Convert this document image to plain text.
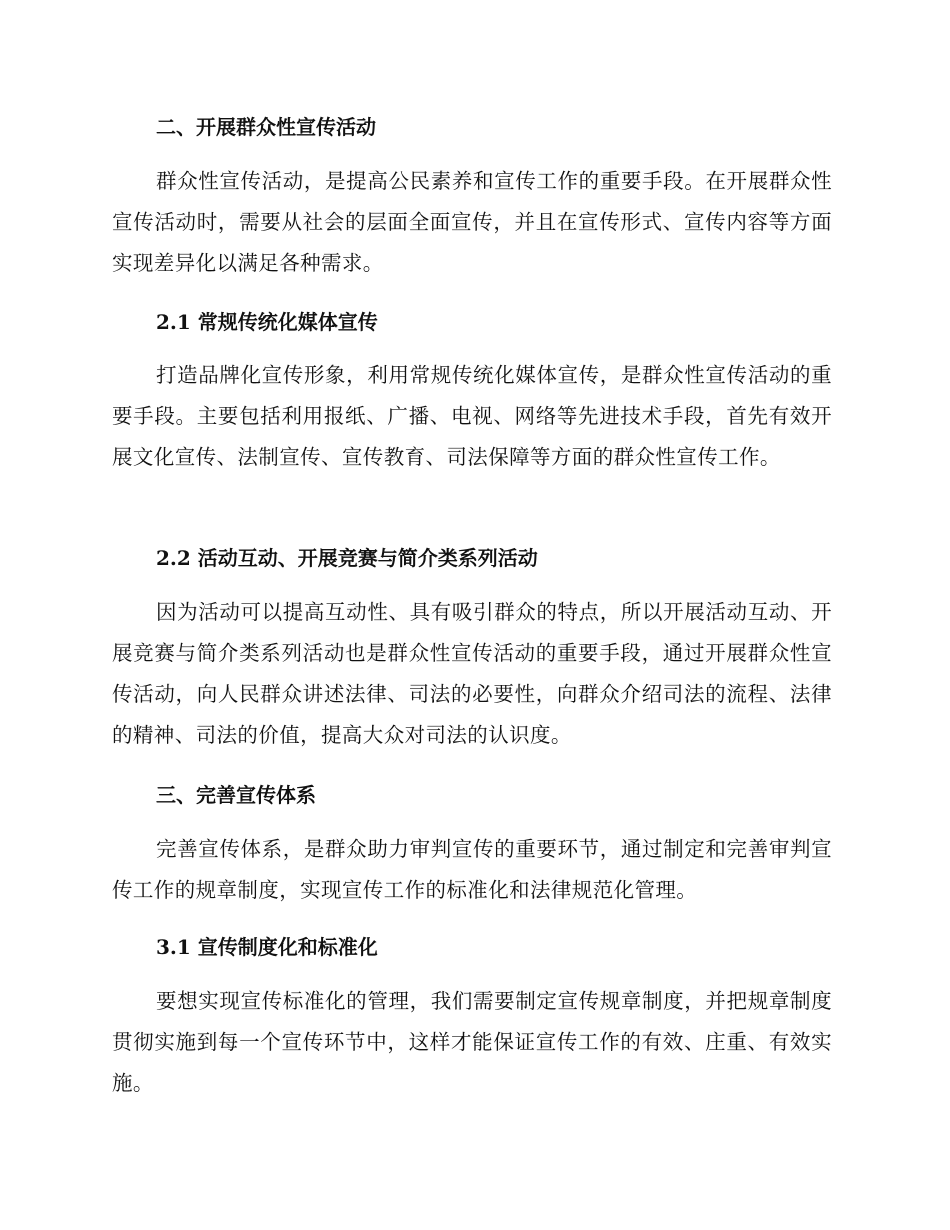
二、开展群众性宣传活动

群众性宣传活动，是提高公民素养和宣传工作的重要手段。在开展群众性宣传活动时，需要从社会的层面全面宣传，并且在宣传形式、宣传内容等方面实现差异化以满足各种需求。

2.1 常规传统化媒体宣传

打造品牌化宣传形象，利用常规传统化媒体宣传，是群众性宣传活动的重要手段。主要包括利用报纸、广播、电视、网络等先进技术手段，首先有效开展文化宣传、法制宣传、宣传教育、司法保障等方面的群众性宣传工作。

2.2 活动互动、开展竞赛与简介类系列活动

因为活动可以提高互动性、具有吸引群众的特点，所以开展活动互动、开展竞赛与简介类系列活动也是群众性宣传活动的重要手段，通过开展群众性宣传活动，向人民群众讲述法律、司法的必要性，向群众介绍司法的流程、法律的精神、司法的价值，提高大众对司法的认识度。

三、完善宣传体系

完善宣传体系，是群众助力审判宣传的重要环节，通过制定和完善审判宣传工作的规章制度，实现宣传工作的标准化和法律规范化管理。

3.1 宣传制度化和标准化

要想实现宣传标准化的管理，我们需要制定宣传规章制度，并把规章制度贯彻实施到每一个宣传环节中，这样才能保证宣传工作的有效、庄重、有效实施。
